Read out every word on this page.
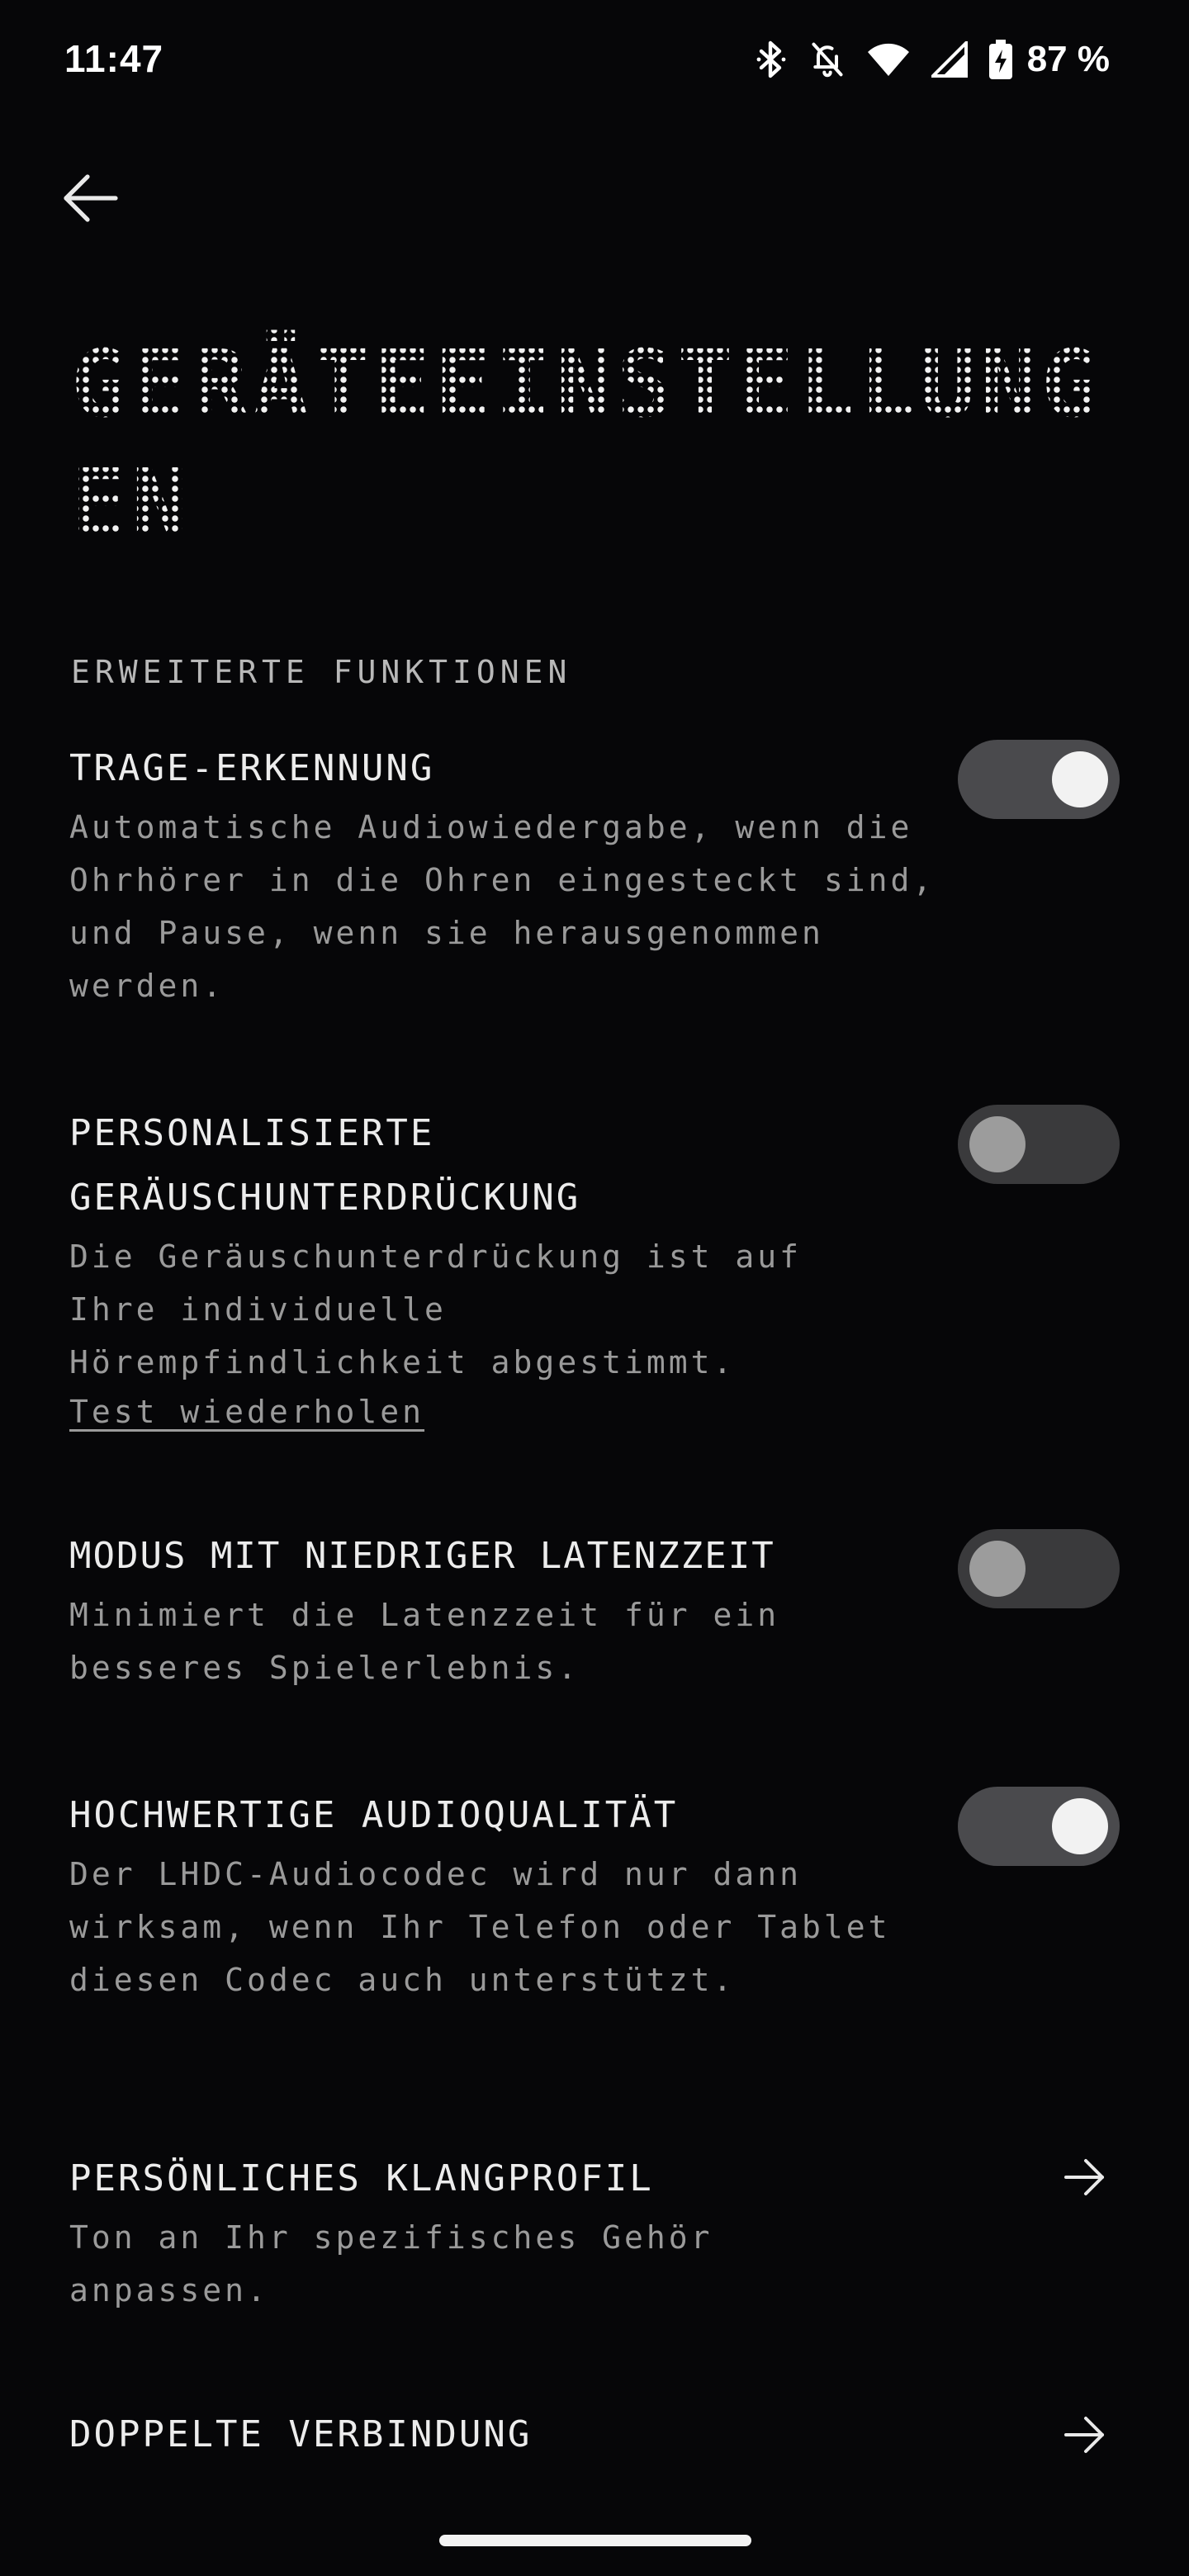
11:47	87 %
GERÄTEEINSTELLUNGEN
ERWEITERTE FUNKTIONEN
TRAGE-ERKENNUNG
Automatische Audiowiedergabe, wenn die Ohrhörer in die Ohren eingesteckt sind, und Pause, wenn sie herausgenommen werden.
PERSONALISIERTE GERÄUSCHUNTERDRÜCKUNG
Die Geräuschunterdrückung ist auf Ihre individuelle Hörempfindlichkeit abgestimmt.
Test wiederholen
MODUS MIT NIEDRIGER LATENZZEIT
Minimiert die Latenzzeit für ein besseres Spielerlebnis.
HOCHWERTIGE AUDIOQUALITÄT
Der LHDC-Audiocodec wird nur dann wirksam, wenn Ihr Telefon oder Tablet diesen Codec auch unterstützt.
PERSÖNLICHES KLANGPROFIL
Ton an Ihr spezifisches Gehör anpassen.
DOPPELTE VERBINDUNG
